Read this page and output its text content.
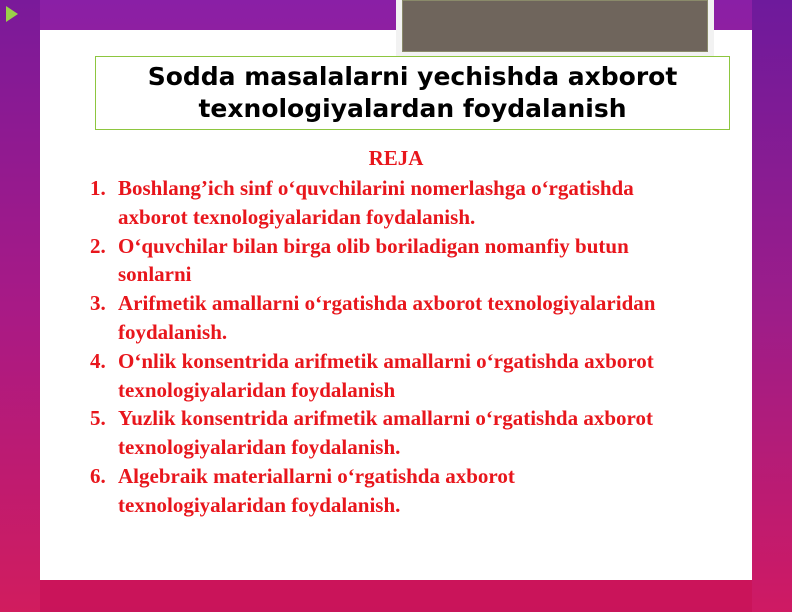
Sodda masalalarni yechishda axborot texnologiyalardan foydalanish

REJA
1. Boshlang’ich sinf o‘quvchilarini nomerlashga o‘rgatishda axborot texnologiyalaridan foydalanish.
2. O‘quvchilar bilan birga olib boriladigan nomanfiy butun sonlarni
3. Arifmetik amallarni o‘rgatishda axborot texnologiyalaridan foydalanish.
4. O‘nlik konsentrida arifmetik amallarni o‘rgatishda axborot texnologiyalaridan foydalanish
5. Yuzlik konsentrida arifmetik amallarni o‘rgatishda axborot texnologiyalaridan foydalanish.
6. Algebraik materiallarni o‘rgatishda axborot texnologiyalaridan foydalanish.
